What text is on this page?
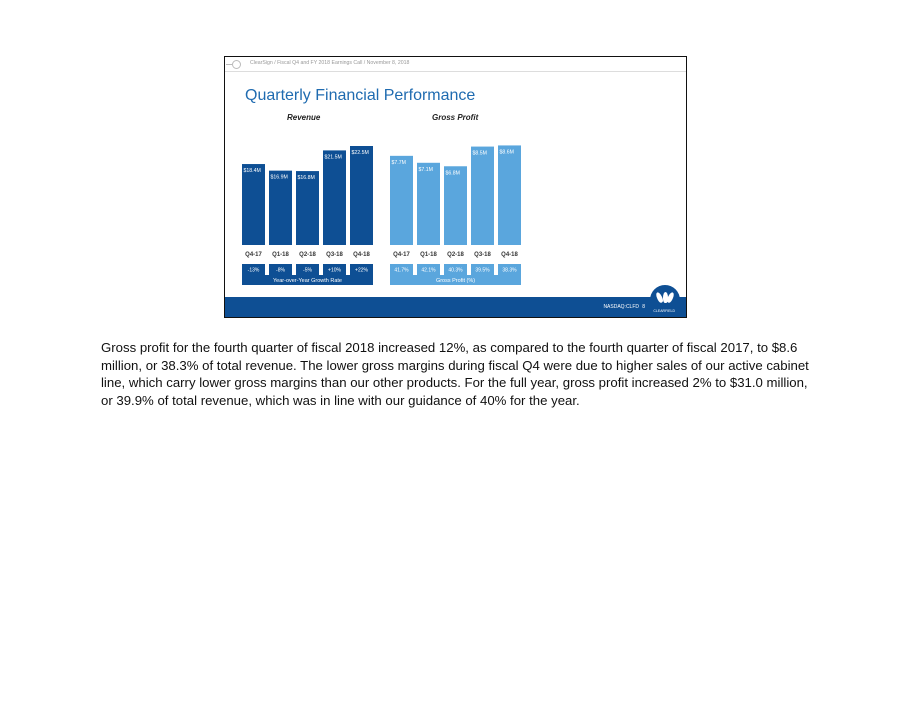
ClearSign / Fiscal Q4 and FY 2018 Earnings Call / November 8, 2018
Quarterly Financial Performance
Revenue	Gross Profit
$18.4M
Q4-17
-13%
$16.9M
Q1-18
-8%
$16.8M
Q2-18
-5%
$21.5M
Q3-18
+10%
$22.5M
Q4-18
+22%
Year-over-Year Growth Rate
$7.7M
Q4-17
41.7%
$7.1M
Q1-18
42.1%
$6.8M
Q2-18
40.3%
$8.5M
Q3-18
39.5%
$8.6M
Q4-18
38.3%
Gross Profit (%)
NASDAQ:CLFD 8
CLEARFIELD
Gross profit for the fourth quarter of fiscal 2018 increased 12%, as compared to the fourth quarter of fiscal 2017, to $8.6 million, or 38.3% of total revenue. The lower gross margins during fiscal Q4 were due to higher sales of our active cabinet line, which carry lower gross margins than our other products. For the full year, gross profit increased 2% to $31.0 million, or 39.9% of total revenue, which was in line with our guidance of 40% for the year.
